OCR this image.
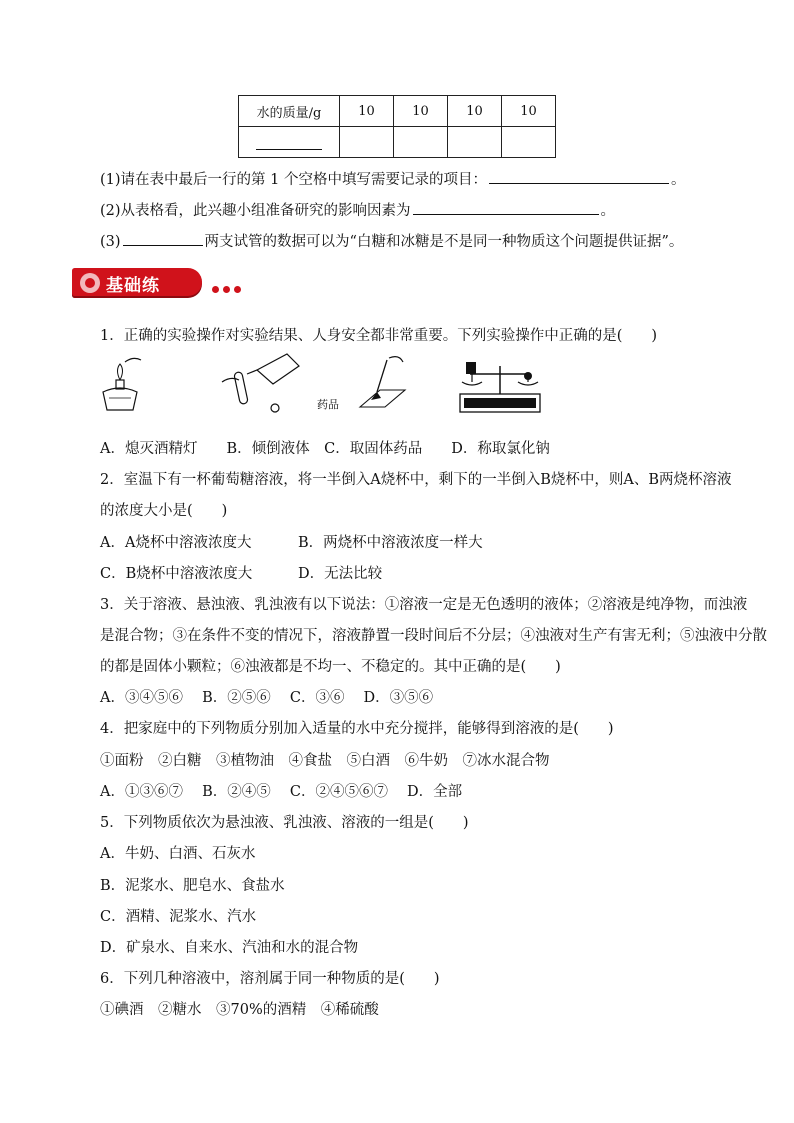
水的质量/g	10	10	10	10

(1)请在表中最后一行的第 1 个空格中填写需要记录的项目：	。
(2)从表格看，此兴趣小组准备研究的影响因素为	。
(3)	两支试管的数据可以为“白糖和冰糖是不是同一种物质这个问题提供证据”。
基础练
1．正确的实验操作对实验结果、人身安全都非常重要。下列实验操作中正确的是(　　)
药品
A．熄灭酒精灯　　B．倾倒液体　C．取固体药品　　D．称取氯化钠
2．室温下有一杯葡萄糖溶液，将一半倒入A烧杯中，剩下的一半倒入B烧杯中，则A、B两烧杯溶液
的浓度大小是(　　)
A．A烧杯中溶液浓度大	B．两烧杯中溶液浓度一样大
C．B烧杯中溶液浓度大	D．无法比较
3．关于溶液、悬浊液、乳浊液有以下说法：①溶液一定是无色透明的液体；②溶液是纯净物，而浊液
是混合物；③在条件不变的情况下，溶液静置一段时间后不分层；④浊液对生产有害无利；⑤浊液中分散
的都是固体小颗粒；⑥浊液都是不均一、不稳定的。其中正确的是(　　)
A．③④⑤⑥　 B．②⑤⑥　 C．③⑥　 D．③⑤⑥
4．把家庭中的下列物质分别加入适量的水中充分搅拌，能够得到溶液的是(　　)
①面粉　②白糖　③植物油　④食盐　⑤白酒　⑥牛奶　⑦冰水混合物
A．①③⑥⑦　 B．②④⑤　 C．②④⑤⑥⑦　 D．全部
5．下列物质依次为悬浊液、乳浊液、溶液的一组是(　　)
A．牛奶、白酒、石灰水
B．泥浆水、肥皂水、食盐水
C．酒精、泥浆水、汽水
D．矿泉水、自来水、汽油和水的混合物
6．下列几种溶液中，溶剂属于同一种物质的是(　　)
①碘酒　②糖水　③70%的酒精　④稀硫酸
